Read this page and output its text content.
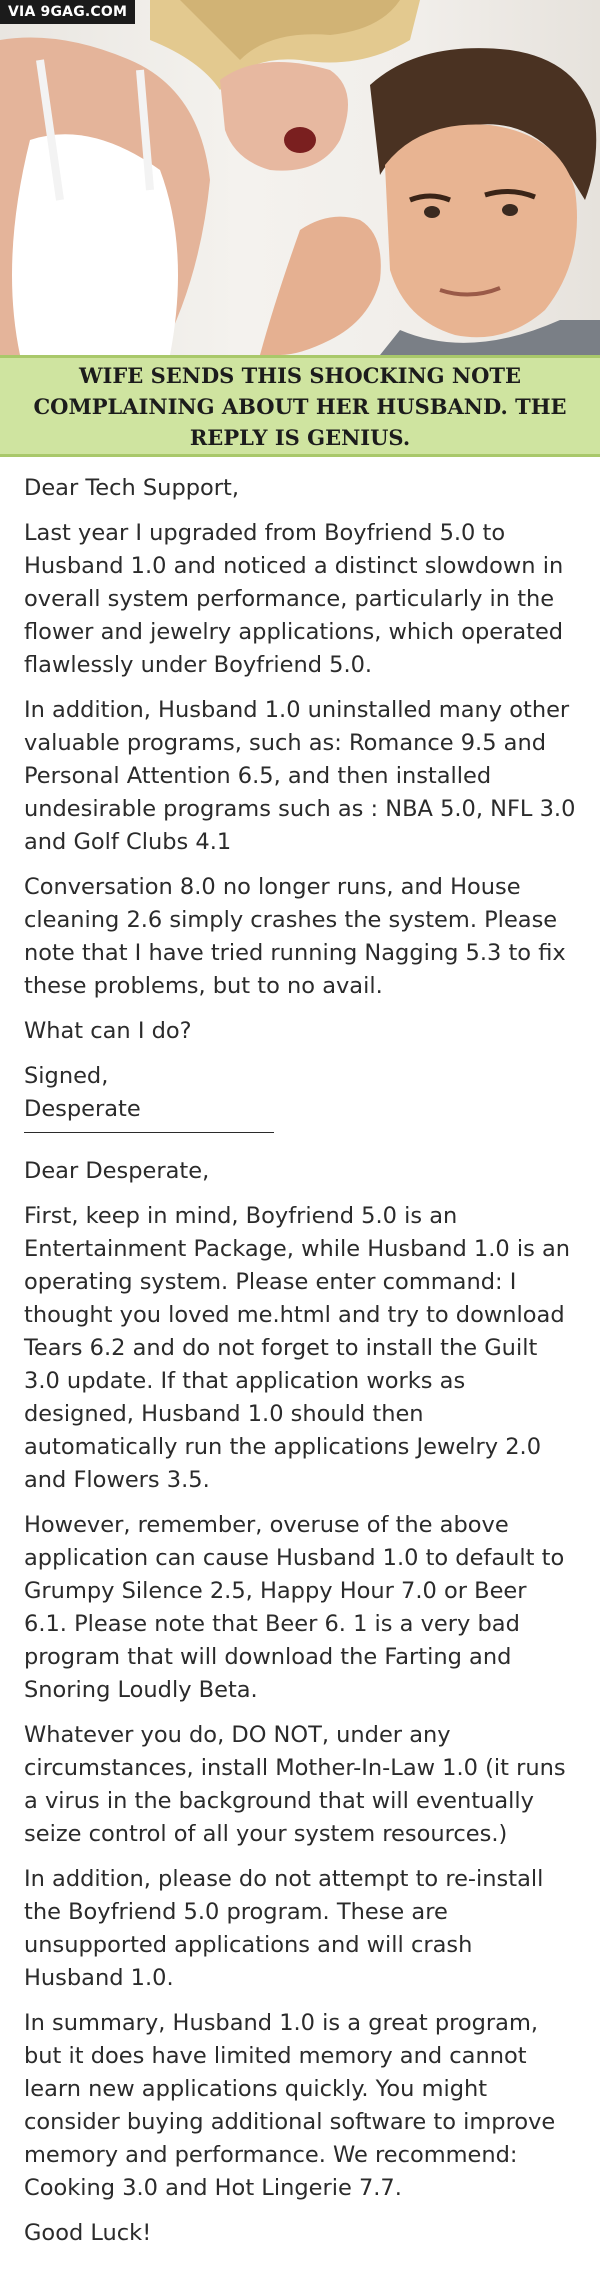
VIA 9GAG.COM
WIFE SENDS THIS SHOCKING NOTE COMPLAINING ABOUT HER HUSBAND. THE REPLY IS GENIUS.

Dear Tech Support,

Last year I upgraded from Boyfriend 5.0 to Husband 1.0 and noticed a distinct slowdown in overall system performance, particularly in the flower and jewelry applications, which operated flawlessly under Boyfriend 5.0.

In addition, Husband 1.0 uninstalled many other valuable programs, such as: Romance 9.5 and Personal Attention 6.5, and then installed undesirable programs such as : NBA 5.0, NFL 3.0 and Golf Clubs 4.1

Conversation 8.0 no longer runs, and House cleaning 2.6 simply crashes the system. Please note that I have tried running Nagging 5.3 to fix these problems, but to no avail.

What can I do?

Signed,

Desperate

Dear Desperate,

First, keep in mind, Boyfriend 5.0 is an Entertainment Package, while Husband 1.0 is an operating system. Please enter command: I thought you loved me.html and try to download Tears 6.2 and do not forget to install the Guilt 3.0 update. If that application works as designed, Husband 1.0 should then automatically run the applications Jewelry 2.0 and Flowers 3.5.

However, remember, overuse of the above application can cause Husband 1.0 to default to Grumpy Silence 2.5, Happy Hour 7.0 or Beer 6.1. Please note that Beer 6. 1 is a very bad program that will download the Farting and Snoring Loudly Beta.

Whatever you do, DO NOT, under any circumstances, install Mother-In-Law 1.0 (it runs a virus in the background that will eventually seize control of all your system resources.)

In addition, please do not attempt to re-install the Boyfriend 5.0 program. These are unsupported applications and will crash Husband 1.0.

In summary, Husband 1.0 is a great program, but it does have limited memory and cannot learn new applications quickly. You might consider buying additional software to improve memory and performance. We recommend: Cooking 3.0 and Hot Lingerie 7.7.

Good Luck!
